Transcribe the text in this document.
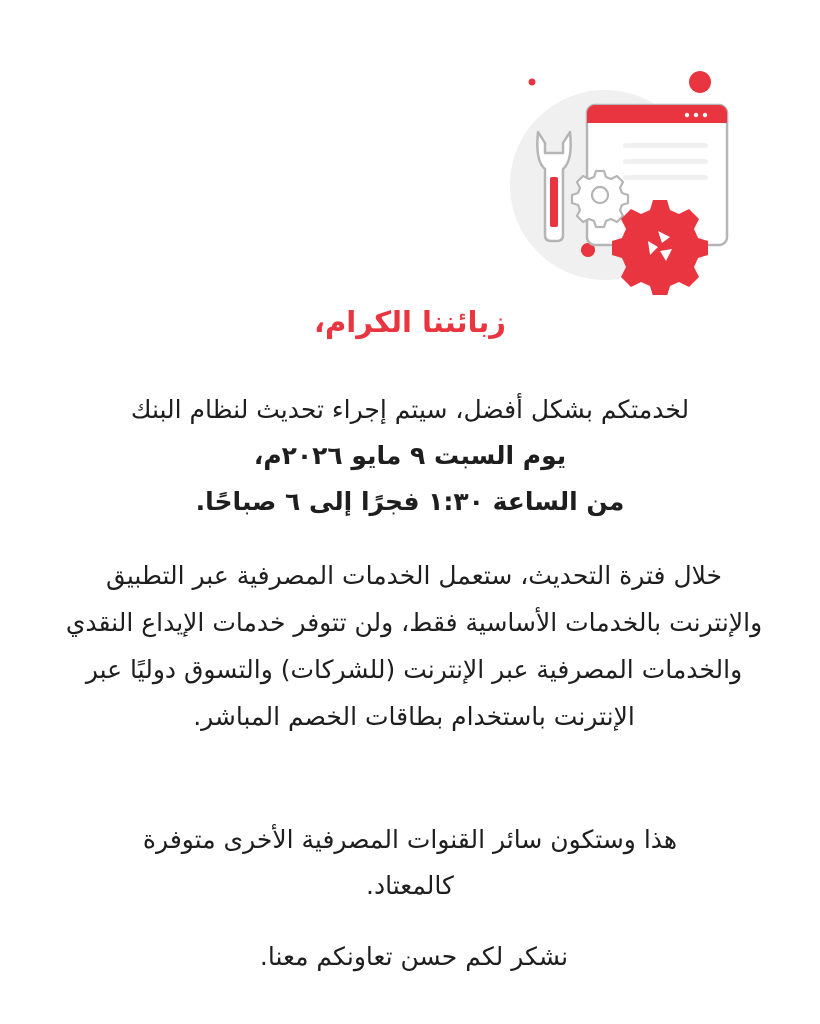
زبائننا الكرام،
لخدمتكم بشكل أفضل، سيتم إجراء تحديث لنظام البنك
يوم السبت ٩ مايو ٢٠٢٦م،
من الساعة ١:٣٠ فجرًا إلى ٦ صباحًا.

خلال فترة التحديث، ستعمل الخدمات المصرفية عبر التطبيق والإنترنت بالخدمات الأساسية فقط، ولن تتوفر خدمات الإيداع النقدي والخدمات المصرفية عبر الإنترنت (للشركات) والتسوق دوليًا عبر الإنترنت باستخدام بطاقات الخصم المباشر.

هذا وستكون سائر القنوات المصرفية الأخرى متوفرة كالمعتاد.

نشكر لكم حسن تعاونكم معنا.
